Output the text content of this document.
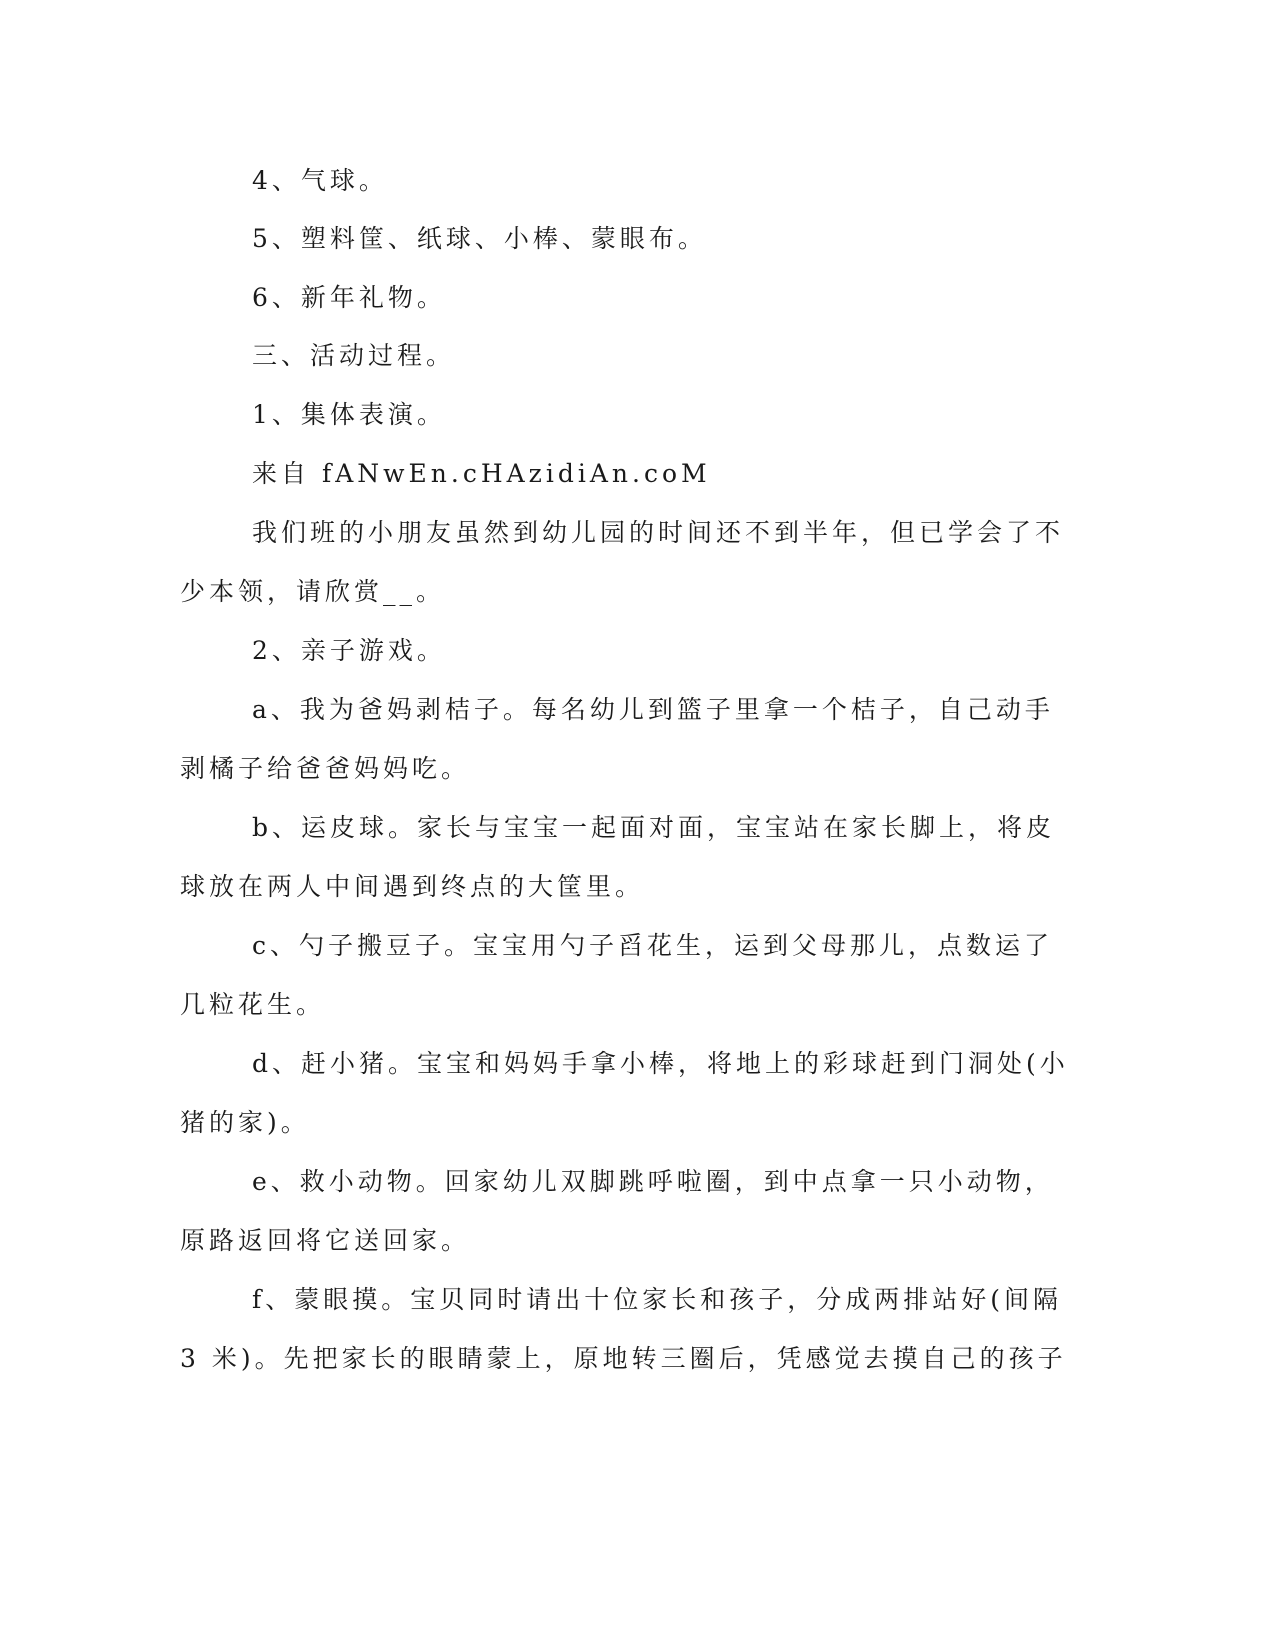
4、气球。
5、塑料筐、纸球、小棒、蒙眼布。
6、新年礼物。
三、活动过程。
1、集体表演。
来自 fANwEn.cHAzidiAn.coM
我们班的小朋友虽然到幼儿园的时间还不到半年，但已学会了不
少本领，请欣赏__。
2、亲子游戏。
a、我为爸妈剥桔子。每名幼儿到篮子里拿一个桔子，自己动手
剥橘子给爸爸妈妈吃。
b、运皮球。家长与宝宝一起面对面，宝宝站在家长脚上，将皮
球放在两人中间遇到终点的大筐里。
c、勺子搬豆子。宝宝用勺子舀花生，运到父母那儿，点数运了
几粒花生。
d、赶小猪。宝宝和妈妈手拿小棒，将地上的彩球赶到门洞处(小
猪的家)。
e、救小动物。回家幼儿双脚跳呼啦圈，到中点拿一只小动物，
原路返回将它送回家。
f、蒙眼摸。宝贝同时请出十位家长和孩子，分成两排站好(间隔
3 米)。先把家长的眼睛蒙上，原地转三圈后，凭感觉去摸自己的孩子
